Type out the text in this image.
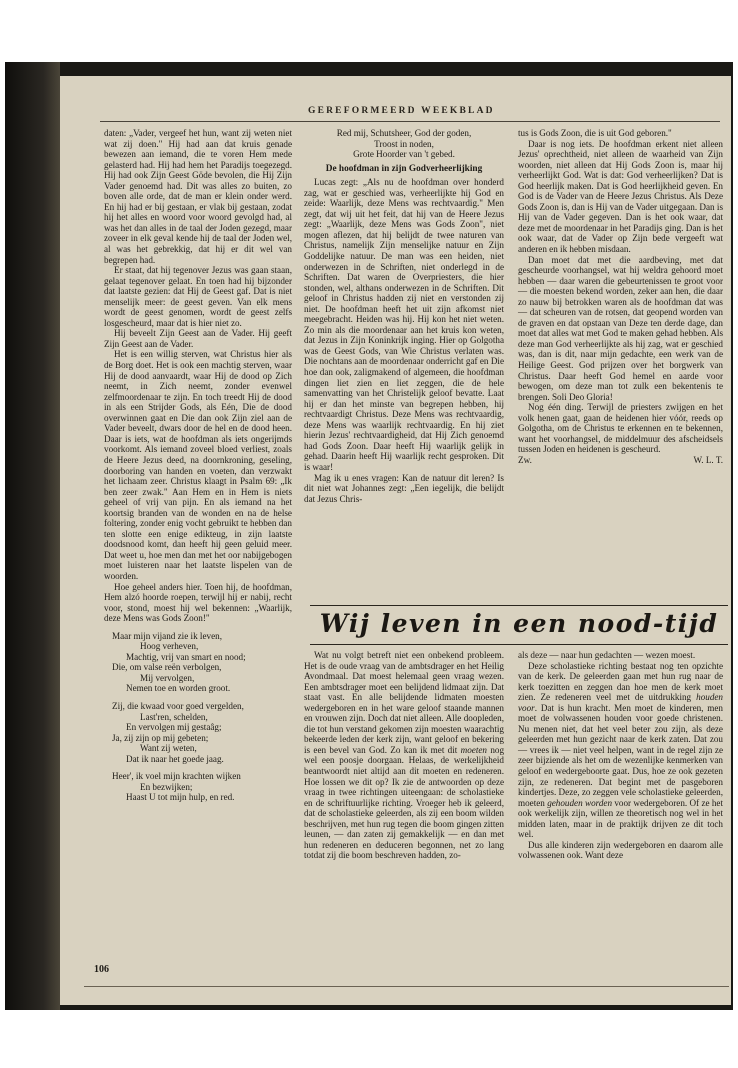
GEREFORMEERD WEEKBLAD

daten: „Vader, vergeef het hun, want zij weten niet wat zij doen." Hij had aan dat kruis genade bewezen aan iemand, die te voren Hem mede gelasterd had. Hij had hem het Paradijs toegezegd. Hij had ook Zijn Geest Göde bevolen, die Hij Zijn Vader genoemd had. Dit was alles zo buiten, zo boven alle orde, dat de man er klein onder werd. En hij had er bij gestaan, er vlak bij gestaan, zodat hij het alles en woord voor woord gevolgd had, al was het dan alles in de taal der Joden gezegd, maar zoveer in elk geval kende hij de taal der Joden wel, al was het gebrekkig, dat hij er dit wel van begrepen had.

Er staat, dat hij tegenover Jezus was gaan staan, gelaat tegenover gelaat. En toen had hij bijzonder dat laatste gezien: dat Hij de Geest gaf. Dat is niet menselijk meer: de geest geven. Van elk mens wordt de geest genomen, wordt de geest zelfs losgescheurd, maar dat is hier niet zo.

Hij beveelt Zijn Geest aan de Vader. Hij geeft Zijn Geest aan de Vader.

Het is een willig sterven, wat Christus hier als de Borg doet. Het is ook een machtig sterven, waar Hij de dood aanvaardt, waar Hij de dood op Zich neemt, in Zich neemt, zonder evenwel zelfmoordenaar te zijn. En toch treedt Hij de dood in als een Strijder Gods, als Eén, Die de dood overwinnen gaat en Die dan ook Zijn ziel aan de Vader beveelt, dwars door de hel en de dood heen. Daar is iets, wat de hoofdman als iets ongerijmds voorkomt. Als iemand zoveel bloed verliest, zoals de Heere Jezus deed, na doornkroning, geseling, doorboring van handen en voeten, dan verzwakt het lichaam zeer. Christus klaagt in Psalm 69: „Ik ben zeer zwak." Aan Hem en in Hem is niets geheel of vrij van pijn. En als iemand na het koortsig branden van de wonden en na de helse foltering, zonder enig vocht gebruikt te hebben dan ten slotte een enige edikteug, in zijn laatste doodsnood komt, dan heeft hij geen geluid meer. Dat weet u, hoe men dan met het oor nabijgebogen moet luisteren naar het laatste lispelen van de woorden.

Hoe geheel anders hier. Toen hij, de hoofdman, Hem alzó hoorde roepen, terwijl hij er nabij, recht voor, stond, moest hij wel bekennen: „Waarlijk, deze Mens was Gods Zoon!"

Maar mijn vijand zie ik leven,
Hoog verheven,
Machtig, vrij van smart en nood;
Die, om valse reën verbolgen,
Mij vervolgen,
Nemen toe en worden groot.
Zij, die kwaad voor goed vergelden,
Last'ren, schelden,
En vervolgen mij gestaâg;
Ja, zij zijn op mij gebeten;
Want zij weten,
Dat ik naar het goede jaag.
Heer', ik voel mijn krachten wijken
En bezwijken;
Haast U tot mijn hulp, en red.
Red mij, Schutsheer, God der goden,
Troost in noden,
Grote Hoorder van 't gebed.
De hoofdman in zijn Godverheerlijking

Lucas zegt: „Als nu de hoofdman over honderd zag, wat er geschied was, verheerlijkte hij God en zeide: Waarlijk, deze Mens was rechtvaardig." Men zegt, dat wij uit het feit, dat hij van de Heere Jezus zegt: „Waarlijk, deze Mens was Gods Zoon", niet mogen aflezen, dat hij belijdt de twee naturen van Christus, namelijk Zijn menselijke natuur en Zijn Goddelijke natuur. De man was een heiden, niet onderwezen in de Schriften, niet onderlegd in de Schriften. Dat waren de Overpriesters, die hier stonden, wel, althans onderwezen in de Schriften. Dit geloof in Christus hadden zij niet en verstonden zij niet. De hoofdman heeft het uit zijn afkomst niet meegebracht. Heiden was hij. Hij kon het niet weten. Zo min als die moordenaar aan het kruis kon weten, dat Jezus in Zijn Koninkrijk inging. Hier op Golgotha was de Geest Gods, van Wie Christus verlaten was. Die nochtans aan de moordenaar onderricht gaf en Die hoe dan ook, zaligmakend of algemeen, die hoofdman dingen liet zien en liet zeggen, die de hele samenvatting van het Christelijk geloof bevatte. Laat hij er dan het minste van begrepen hebben, hij rechtvaardigt Christus. Deze Mens was rechtvaardig, deze Mens was waarlijk rechtvaardig. En hij ziet hierin Jezus' rechtvaardigheid, dat Hij Zich genoemd had Gods Zoon. Daar heeft Hij waarlijk gelijk in gehad. Daarin heeft Hij waarlijk recht gesproken. Dit is waar!

Mag ik u enes vragen: Kan de natuur dit leren? Is dit niet wat Johannes zegt: „Een iegelijk, die belijdt dat Jezus Chris-

tus is Gods Zoon, die is uit God geboren."

Daar is nog iets. De hoofdman erkent niet alleen Jezus' oprechtheid, niet alleen de waarheid van Zijn woorden, niet alleen dat Hij Gods Zoon is, maar hij verheerlijkt God. Wat is dat: God verheerlijken? Dat is God heerlijk maken. Dat is God heerlijkheid geven. En God is de Vader van de Heere Jezus Christus. Als Deze Gods Zoon is, dan is Hij van de Vader uitgegaan. Dan is Hij van de Vader gegeven. Dan is het ook waar, dat deze met de moordenaar in het Paradijs ging. Dan is het ook waar, dat de Vader op Zijn bede vergeeft wat anderen en ik hebben misdaan.

Dan moet dat met die aardbeving, met dat gescheurde voorhangsel, wat hij weldra gehoord moet hebben — daar waren die gebeurtenissen te groot voor — die moesten bekend worden, zeker aan hen, die daar zo nauw bij betrokken waren als de hoofdman dat was — dat scheuren van de rotsen, dat geopend worden van de graven en dat opstaan van Deze ten derde dage, dan moet dat alles wat met God te maken gehad hebben. Als deze man God verheerlijkte als hij zag, wat er geschied was, dan is dit, naar mijn gedachte, een werk van de Heilige Geest. God prijzen over het borgwerk van Christus. Daar heeft God hemel en aarde voor bewogen, om deze man tot zulk een bekentenis te brengen. Soli Deo Gloria!

Nog één ding. Terwijl de priesters zwijgen en het volk henen gaat, gaan de heidenen hier vóór, reeds op Golgotha, om de Christus te erkennen en te bekennen, want het voorhangsel, de middelmuur des afscheidsels tussen Joden en heidenen is gescheurd.

Zw.	W. L. T.

Wij leven in een nood-tijd

Wat nu volgt betreft niet een onbekend probleem. Het is de oude vraag van de ambtsdrager en het Heilig Avondmaal. Dat moest helemaal geen vraag wezen. Een ambtsdrager moet een belijdend lidmaat zijn. Dat staat vast. En alle belijdende lidmaten moesten wedergeboren en in het ware geloof staande mannen en vrouwen zijn. Doch dat niet alleen. Alle doopleden, die tot hun verstand gekomen zijn moesten waarachtig bekeerde leden der kerk zijn, want geloof en bekering is een bevel van God. Zo kan ik met dit moeten nog wel een poosje doorgaan. Helaas, de werkelijkheid beantwoordt niet altijd aan dit moeten en redeneren. Hoe lossen we dit op? Ik zie de antwoorden op deze vraag in twee richtingen uiteengaan: de scholastieke en de schriftuurlijke richting. Vroeger heb ik geleerd, dat de scholastieke geleerden, als zij een boom wilden beschrijven, met hun rug tegen die boom gingen zitten leunen, — dan zaten zij gemakkelijk — en dan met hun redeneren en deduceren begonnen, net zo lang totdat zij die boom beschreven hadden, zo-

als deze — naar hun gedachten — wezen moest.

Deze scholastieke richting bestaat nog ten opzichte van de kerk. De geleerden gaan met hun rug naar de kerk toezitten en zeggen dan hoe men de kerk moet zien. Ze redeneren veel met de uitdrukking houden voor. Dat is hun kracht. Men moet de kinderen, men moet de volwassenen houden voor goede christenen. Nu menen niet, dat het veel beter zou zijn, als deze geleerden met hun gezicht naar de kerk zaten. Dat zou — vrees ik — niet veel helpen, want in de regel zijn ze zeer bijziende als het om de wezenlijke kenmerken van geloof en wedergeboorte gaat. Dus, hoe ze ook gezeten zijn, ze redeneren. Dat begint met de pasgeboren kindertjes. Deze, zo zeggen vele scholastieke geleerden, moeten gehouden worden voor wedergeboren. Of ze het ook werkelijk zijn, willen ze theoretisch nog wel in het midden laten, maar in de praktijk drijven ze dit toch wel.

Dus alle kinderen zijn wedergeboren en daarom alle volwassenen ook. Want deze

106
